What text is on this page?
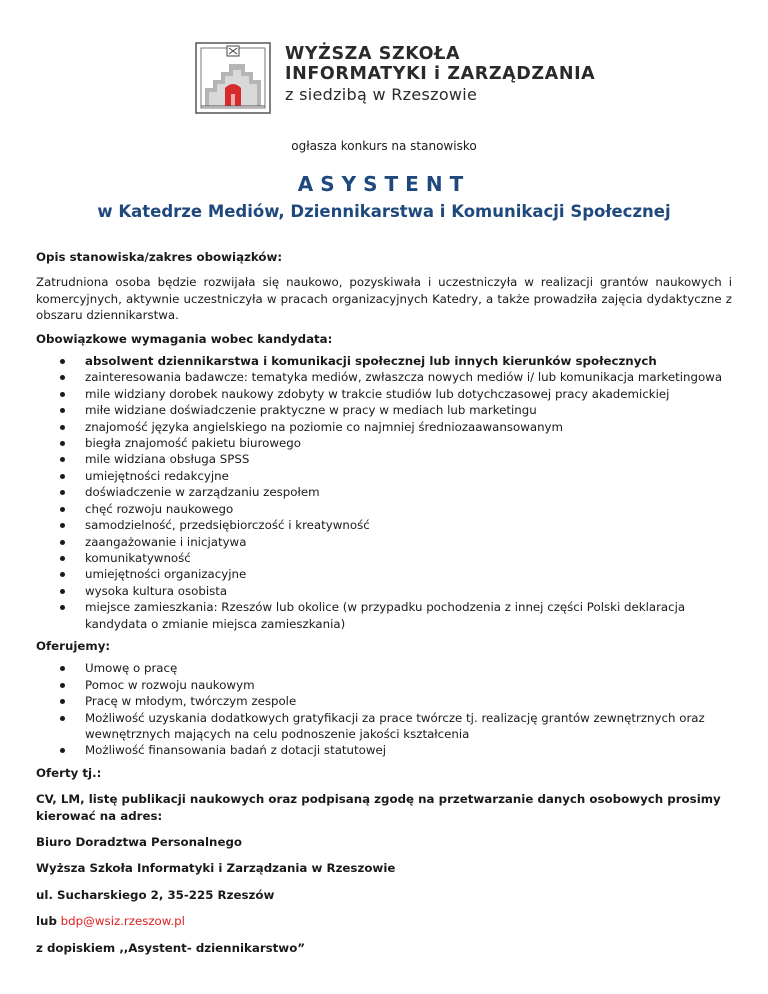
WYŻSZA SZKOŁA
INFORMATYKI i ZARZĄDZANIA
z siedzibą w Rzeszowie
ogłasza konkurs na stanowisko
ASYSTENT
w Katedrze Mediów, Dziennikarstwa i Komunikacji Społecznej

Opis stanowiska/zakres obowiązków:

Zatrudniona osoba będzie rozwijała się naukowo, pozyskiwała i uczestniczyła w realizacji grantów naukowych i komercyjnych, aktywnie uczestniczyła w pracach organizacyjnych Katedry, a także prowadziła zajęcia dydaktyczne z obszaru dziennikarstwa.

Obowiązkowe wymagania wobec kandydata:

absolwent dziennikarstwa i komunikacji społecznej lub innych kierunków społecznych
zainteresowania badawcze: tematyka mediów, zwłaszcza nowych mediów i/ lub komunikacja marketingowa
mile widziany dorobek naukowy zdobyty w trakcie studiów lub dotychczasowej pracy akademickiej
miłe widziane doświadczenie praktyczne w pracy w mediach lub marketingu
znajomość języka angielskiego na poziomie co najmniej średniozaawansowanym
biegła znajomość pakietu biurowego
mile widziana obsługa SPSS
umiejętności redakcyjne
doświadczenie w zarządzaniu zespołem
chęć rozwoju naukowego
samodzielność, przedsiębiorczość i kreatywność
zaangażowanie i inicjatywa
komunikatywność
umiejętności organizacyjne
wysoka kultura osobista
miejsce zamieszkania: Rzeszów lub okolice (w przypadku pochodzenia z innej części Polski deklaracja kandydata o zmianie miejsca zamieszkania)

Oferujemy:

Umowę o pracę
Pomoc w rozwoju naukowym
Pracę w młodym, twórczym zespole
Możliwość uzyskania dodatkowych gratyfikacji za prace twórcze tj. realizację grantów zewnętrznych oraz wewnętrznych mających na celu podnoszenie jakości kształcenia
Możliwość finansowania badań z dotacji statutowej

Oferty tj.:

CV, LM, listę publikacji naukowych oraz podpisaną zgodę na przetwarzanie danych osobowych prosimy kierować na adres:

Biuro Doradztwa Personalnego

Wyższa Szkoła Informatyki i Zarządzania w Rzeszowie

ul. Sucharskiego 2, 35-225 Rzeszów

lub bdp@wsiz.rzeszow.pl

z dopiskiem ,,Asystent- dziennikarstwo”
